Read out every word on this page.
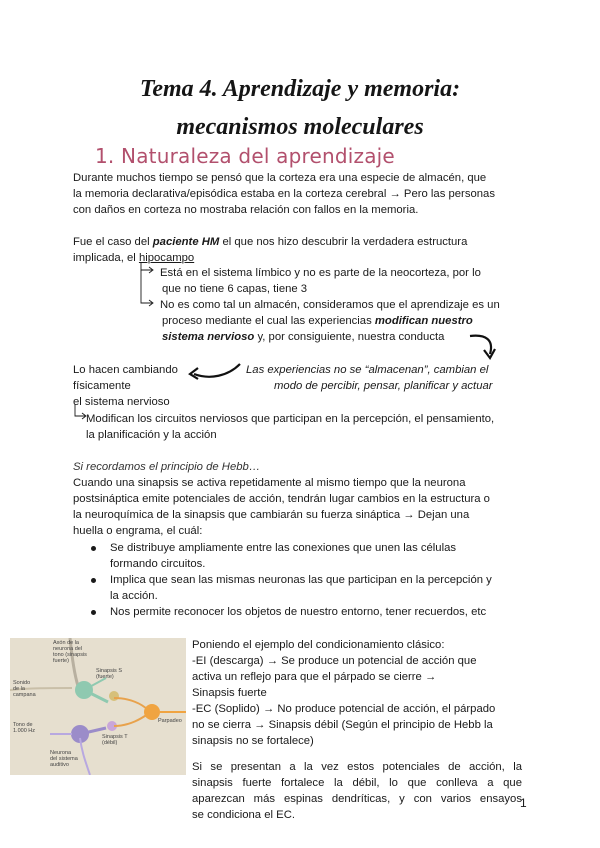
Tema 4. Aprendizaje y memoria:
mecanismos moleculares
1. Naturaleza del aprendizaje
Durante muchos tiempo se pensó que la corteza era una especie de almacén, que
la memoria declarativa/episódica estaba en la corteza cerebral → Pero las personas
con daños en corteza no mostraba relación con fallos en la memoria.
Fue el caso del paciente HM el que nos hizo descubrir la verdadera estructura
implicada, el hipocampo
Está en el sistema límbico y no es parte de la neocorteza, por lo
que no tiene 6 capas, tiene 3
No es como tal un almacén, consideramos que el aprendizaje es un
proceso mediante el cual las experiencias modifican nuestro
sistema nervioso y, por consiguiente, nuestra conducta
Lo hacen cambiando
físicamente
el sistema nervioso
Las experiencias no se “almacenan”, cambian el
modo de percibir, pensar, planificar y actuar
Modifican los circuitos nerviosos que participan en la percepción, el pensamiento,
la planificación y la acción
Si recordamos el principio de Hebb…
Cuando una sinapsis se activa repetidamente al mismo tiempo que la neurona
postsináptica emite potenciales de acción, tendrán lugar cambios en la estructura o
la neuroquímica de la sinapsis que cambiarán su fuerza sináptica → Dejan una
huella o engrama, el cuál:
Se distribuye ampliamente entre las conexiones que unen las células
formando circuitos.
Implica que sean las mismas neuronas las que participan en la percepción y
la acción.
Nos permite reconocer los objetos de nuestro entorno, tener recuerdos, etc
Axón de la
neurona del
tono (sinapsis
fuerte)
Sinapsis S
(fuerte)
Sonido
de la
campana
Tono de
1.000 Hz
Sinapsis T
(débil)
Neurona
del sistema
auditivo
Parpadeo
Poniendo el ejemplo del condicionamiento clásico:
-EI (descarga) → Se produce un potencial de acción que
activa un reflejo para que el párpado se cierre →
Sinapsis fuerte
-EC (Soplido) → No produce potencial de acción, el párpado
no se cierra → Sinapsis débil (Según el principio de Hebb la
sinapsis no se fortalece)
Si se presentan a la vez estos potenciales de acción, la
sinapsis fuerte fortalece la débil, lo que conlleva a que
aparezcan más espinas dendríticas, y con varios ensayos
se condiciona el EC.
1
